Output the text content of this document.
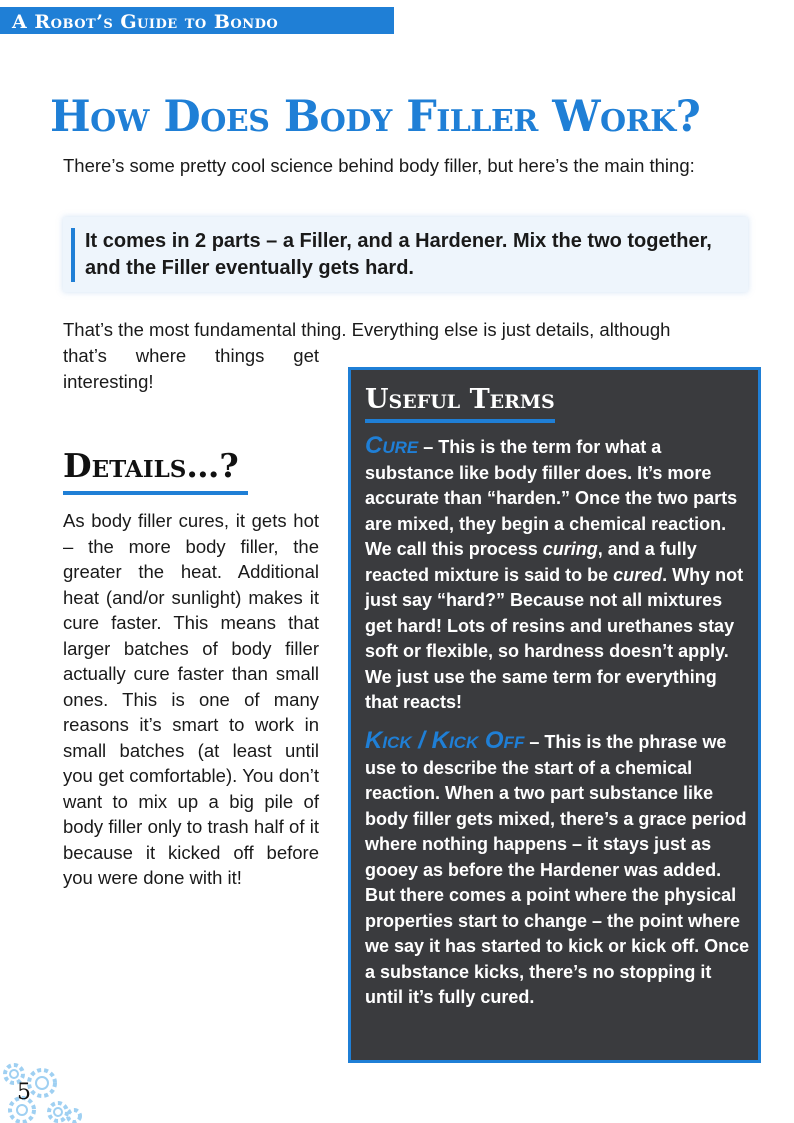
A Robot’s Guide to Bondo
How Does Body Filler Work?

There’s some pretty cool science behind body filler, but here’s the main thing:

It comes in 2 parts – a Filler, and a Hardener. Mix the two together, and the Filler eventually gets hard.

That’s the most fundamental thing. Everything else is just details, although

that’s where things get interesting!

Details…?

As body filler cures, it gets hot – the more body filler, the greater the heat. Additional heat (and/or sunlight) makes it cure faster. This means that larger batches of body filler actually cure faster than small ones. This is one of many reasons it’s smart to work in small batches (at least until you get comfortable). You don’t want to mix up a big pile of body filler only to trash half of it because it kicked off before you were done with it!

Useful Terms

Cure – This is the term for what a substance like body filler does. It’s more accurate than “harden.” Once the two parts are mixed, they begin a chemical reaction. We call this process curing, and a fully reacted mixture is said to be cured. Why not just say “hard?” Because not all mixtures get hard! Lots of resins and urethanes stay soft or flexible, so hardness doesn’t apply. We just use the same term for everything that reacts!

Kick / Kick Off – This is the phrase we use to describe the start of a chemical reaction. When a two part substance like body filler gets mixed, there’s a grace period where nothing happens – it stays just as gooey as before the Hardener was added. But there comes a point where the physical properties start to change – the point where we say it has started to kick or kick off. Once a substance kicks, there’s no stopping it until it’s fully cured.

5
